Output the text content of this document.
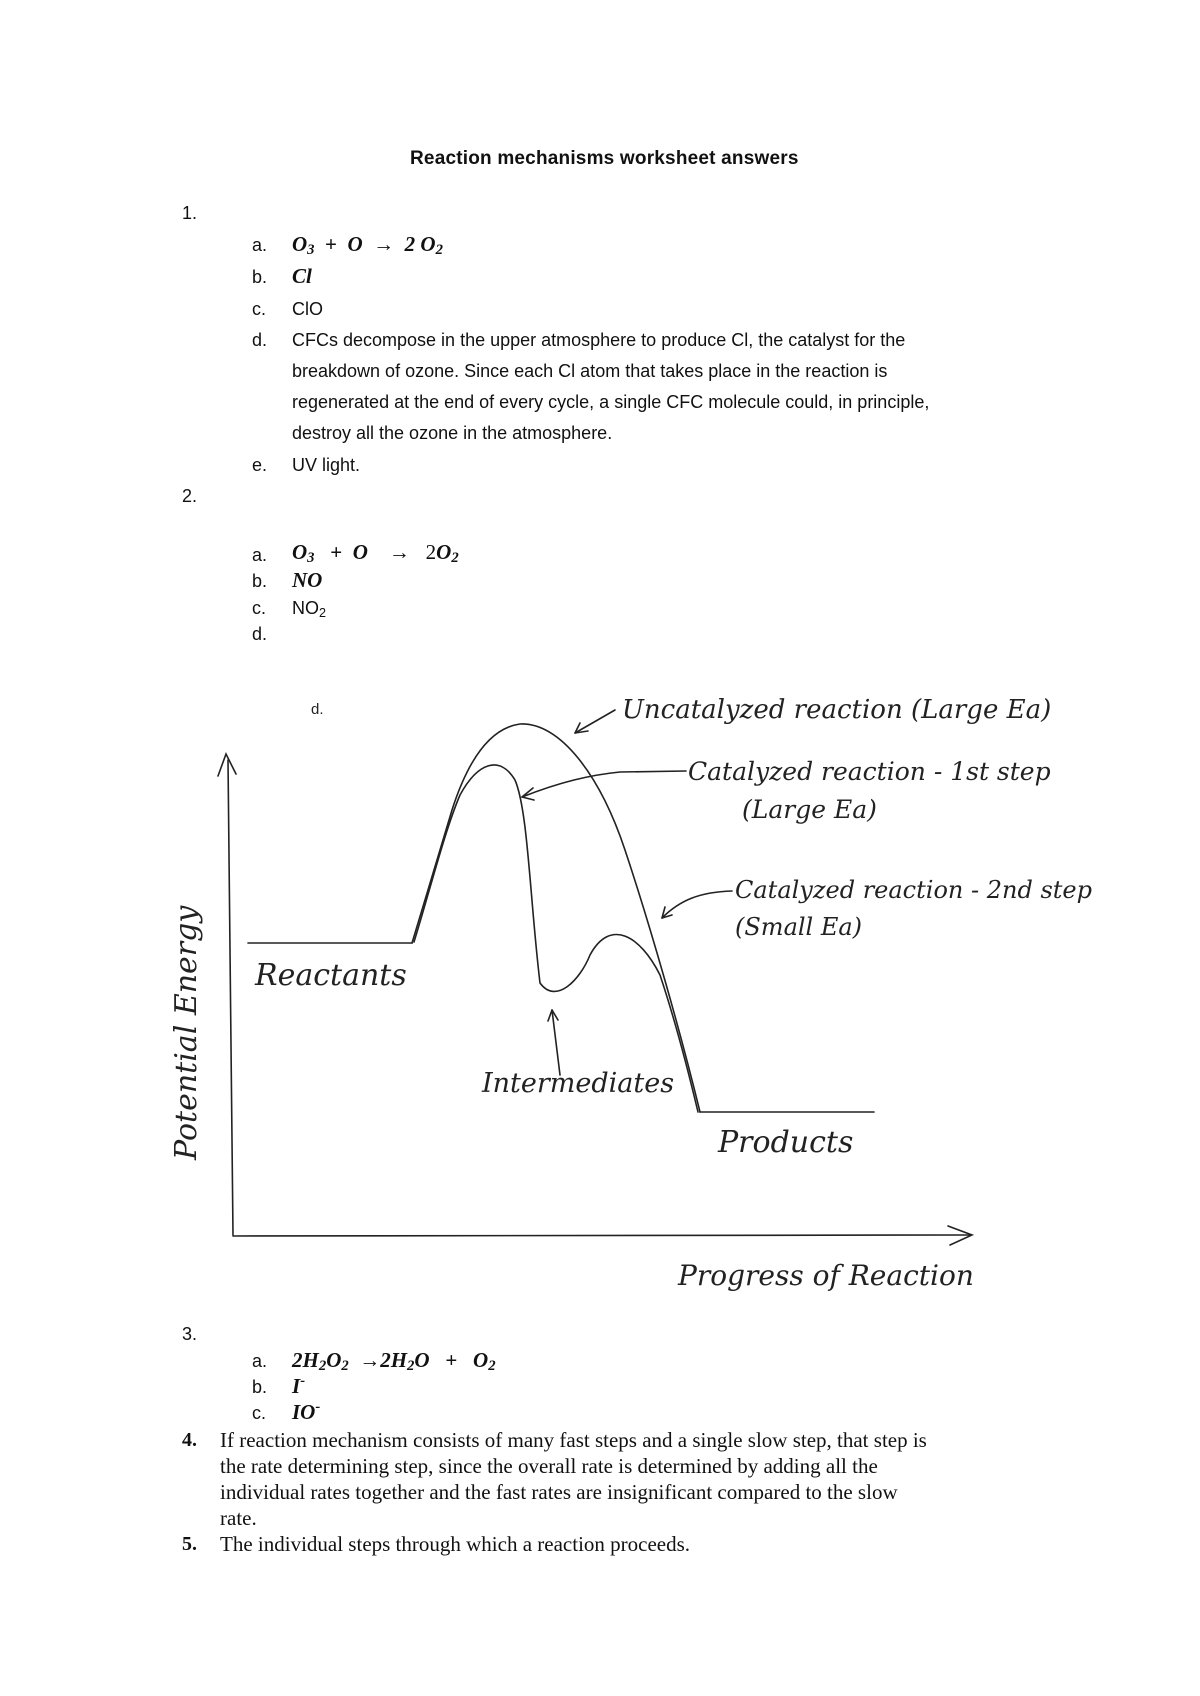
Reaction mechanisms worksheet answers
1.
a. $O_3 + O \to 2$ $O_2$
b. Cl
c. ClO
d. CFCs decompose in the upper atmosphere to produce Cl, the catalyst for the
breakdown of ozone. Since each Cl atom that takes place in the reaction is
regenerated at the end of every cycle, a single CFC molecule could, in principle,
destroy all the ozone in the atmosphere.
e. UV light.
2.
a. $O_3 + O \to 2O_2$
b. NO
c. $NO_2$
d.
d.	Uncatalyzed reaction (Large Ea)
Catalyzed reaction - 1st step
(Large Ea)
Catalyzed reaction - 2nd step
(Small Ea)
Reactants
Intermediates
Products
Progress of Reaction
Potential Energy
3.
a. $2H_2O_2 \to 2H_2O + O_2$
b. I-
c. IO-
4. If reaction mechanism consists of many fast steps and a single slow step, that step is
the rate determining step, since the overall rate is determined by adding all the
individual rates together and the fast rates are insignificant compared to the slow
rate.
5. The individual steps through which a reaction proceeds.
